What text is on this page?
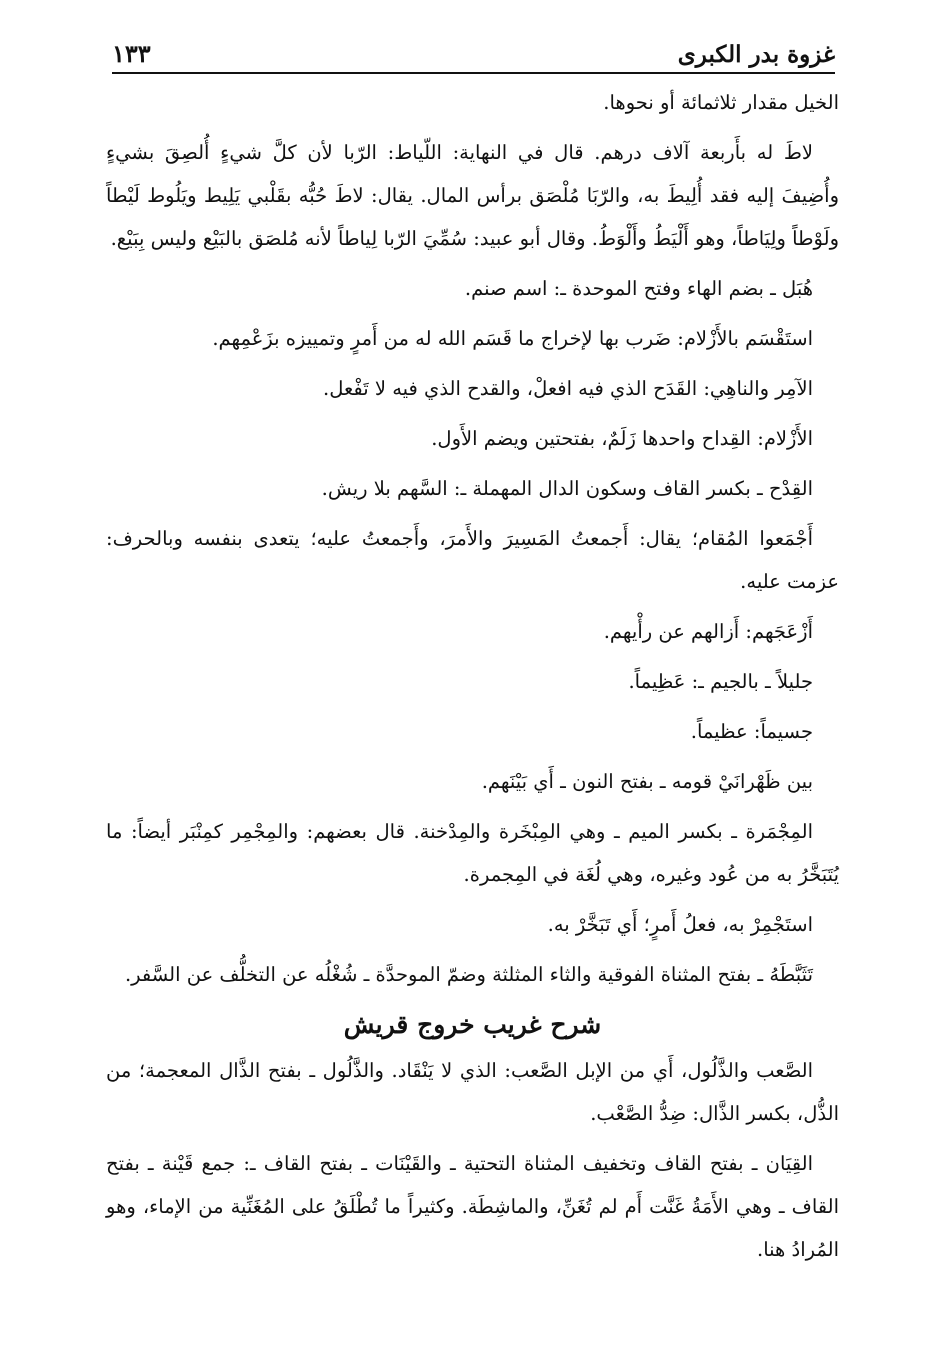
غزوة بدر الكبرى
١٣٣

الخيل مقدار ثلاثمائة أو نحوها.

لاطَ له بأَربعة آلاف درهم. قال في النهاية: اللّياط: الرّبا لأن كلَّ شيءٍ أُلصِقَ بشيءٍ وأُضِيفَ إليه فقد أُلِيطَ به، والرّبَا مُلْصَق برأس المال. يقال: لاطَ حُبُّه بقَلْبي يَلِيط ويَلُوط لَيْطاً ولَوْطاً ولِيَاطاً، وهو أَلْيَطُ وأَلْوَطُ. وقال أبو عبيد: سُمِّيَ الرّبا لِياطاً لأنه مُلصَق بالبَيْع وليس بِبَيْع.

هُبَل ـ بضم الهاء وفتح الموحدة ـ: اسم صنم.

استَقْسَم بالأَزْلام: ضَرب بها لإخراج ما قَسَم الله له من أَمرٍ وتمييزه بزَعْمِهم.

الآمِر والناهِي: القَدَح الذي فيه افعلْ، والقدح الذي فيه لا تَفْعل.

الأَزْلام: القِداح واحدها زَلَمٌ، بفتحتين ويضم الأَول.

القِدْح ـ بكسر القاف وسكون الدال المهملة ـ: السَّهم بلا ريش.

أَجْمَعوا المُقام؛ يقال: أَجمعتُ المَسِيرَ والأَمرَ، وأَجمعتُ عليه؛ يتعدى بنفسه وبالحرف: عزمت عليه.

أَزْعَجَهم: أَزالهم عن رأْيهم.

جليلاً ـ بالجيم ـ: عَظِيماً.

جسيماً: عظيماً.

بين ظَهْرانَيْ قومه ـ بفتح النون ـ أَي بَيْنَهم.

المِجْمَرة ـ بكسر الميم ـ وهي المِبْخَرة والمِدْخنة. قال بعضهم: والمِجْمِر كمِنْبَر أيضاً: ما يُتَبَخَّرُ به من عُود وغيره، وهي لُغَة في المِجمرة.

استَجْمِرْ به، فعلُ أَمرٍ؛ أَي تَبَخَّرْ به.

تَثَبَّطَهُ ـ بفتح المثناة الفوقية والثاء المثلثة وضمّ الموحدَّة ـ شُغْلُه عن التخلُّف عن السَّفر.

شرح غريب خروج قريش

الصَّعب والذَّلُول، أَي من الإبل الصَّعب: الذي لا يَنْقَاد. والذَّلُول ـ بفتح الذَّال المعجمة؛ من الذُّل، بكسر الذَّال: ضِدُّ الصَّعْب.

القِيَان ـ بفتح القاف وتخفيف المثناة التحتية ـ والقَيْنَات ـ بفتح القاف ـ: جمع قَيْنة ـ بفتح القاف ـ وهي الأَمَةُ غَنَّت أَم لم تُغَنِّ، والماشِطَة. وكثيراً ما تُطْلَقُ على المُغَنِّية من الإماء، وهو المُرادُ هنا.
